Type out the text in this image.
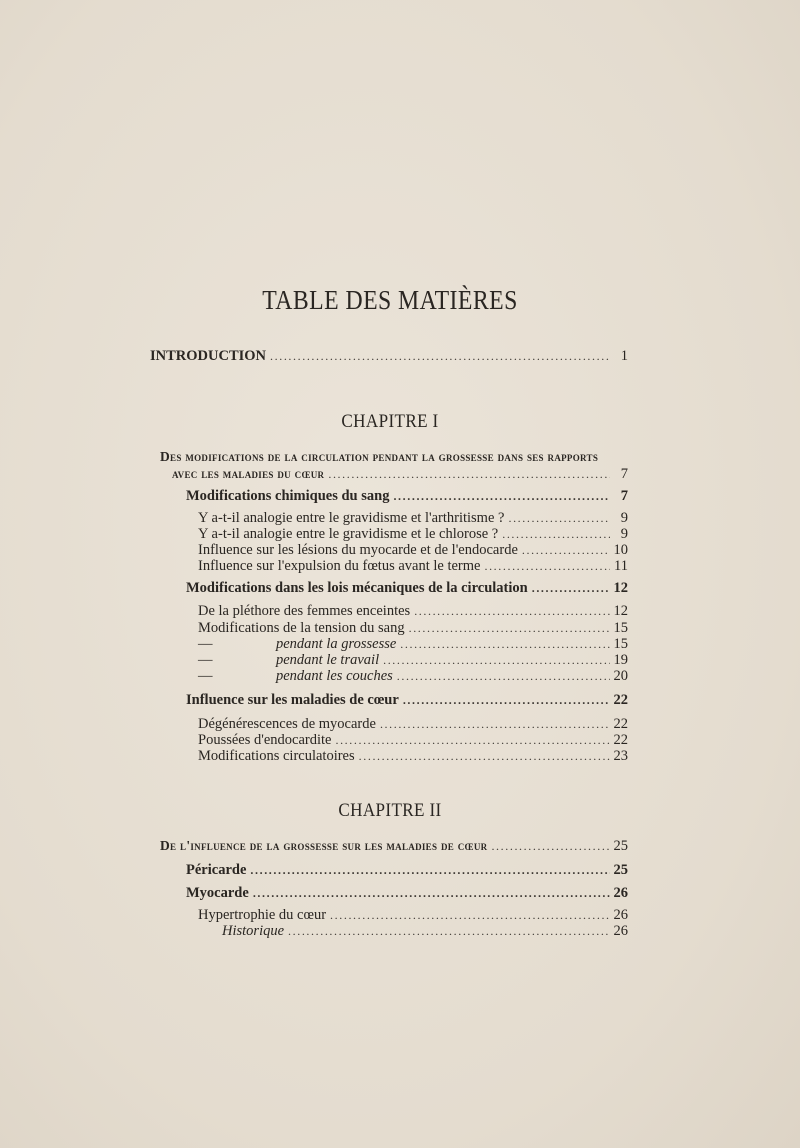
TABLE DES MATIÈRES
INTRODUCTION .....	1
CHAPITRE I
Des modifications de la circulation pendant la grossesse dans ses rapports
avec les maladies du cœur .....	7
Modifications chimiques du sang .....	7
Y a-t-il analogie entre le gravidisme et l'arthritisme ? .....	9
Y a-t-il analogie entre le gravidisme et le chlorose ? .....	9
Influence sur les lésions du myocarde et de l'endocarde .....	10
Influence sur l'expulsion du fœtus avant le terme .....	11
Modifications dans les lois mécaniques de la circulation .....	12
De la pléthore des femmes enceintes .....	12
Modifications de la tension du sang .....	15
—	pendant la grossesse .....	15
—	pendant le travail .....	19
—	pendant les couches .....	20
Influence sur les maladies de cœur .....	22
Dégénérescences de myocarde .....	22
Poussées d'endocardite .....	22
Modifications circulatoires .....	23
CHAPITRE II
De l'influence de la grossesse sur les maladies de cœur .....	25
Péricarde .....	25
Myocarde .....	26
Hypertrophie du cœur .....	26
Historique .....	26
